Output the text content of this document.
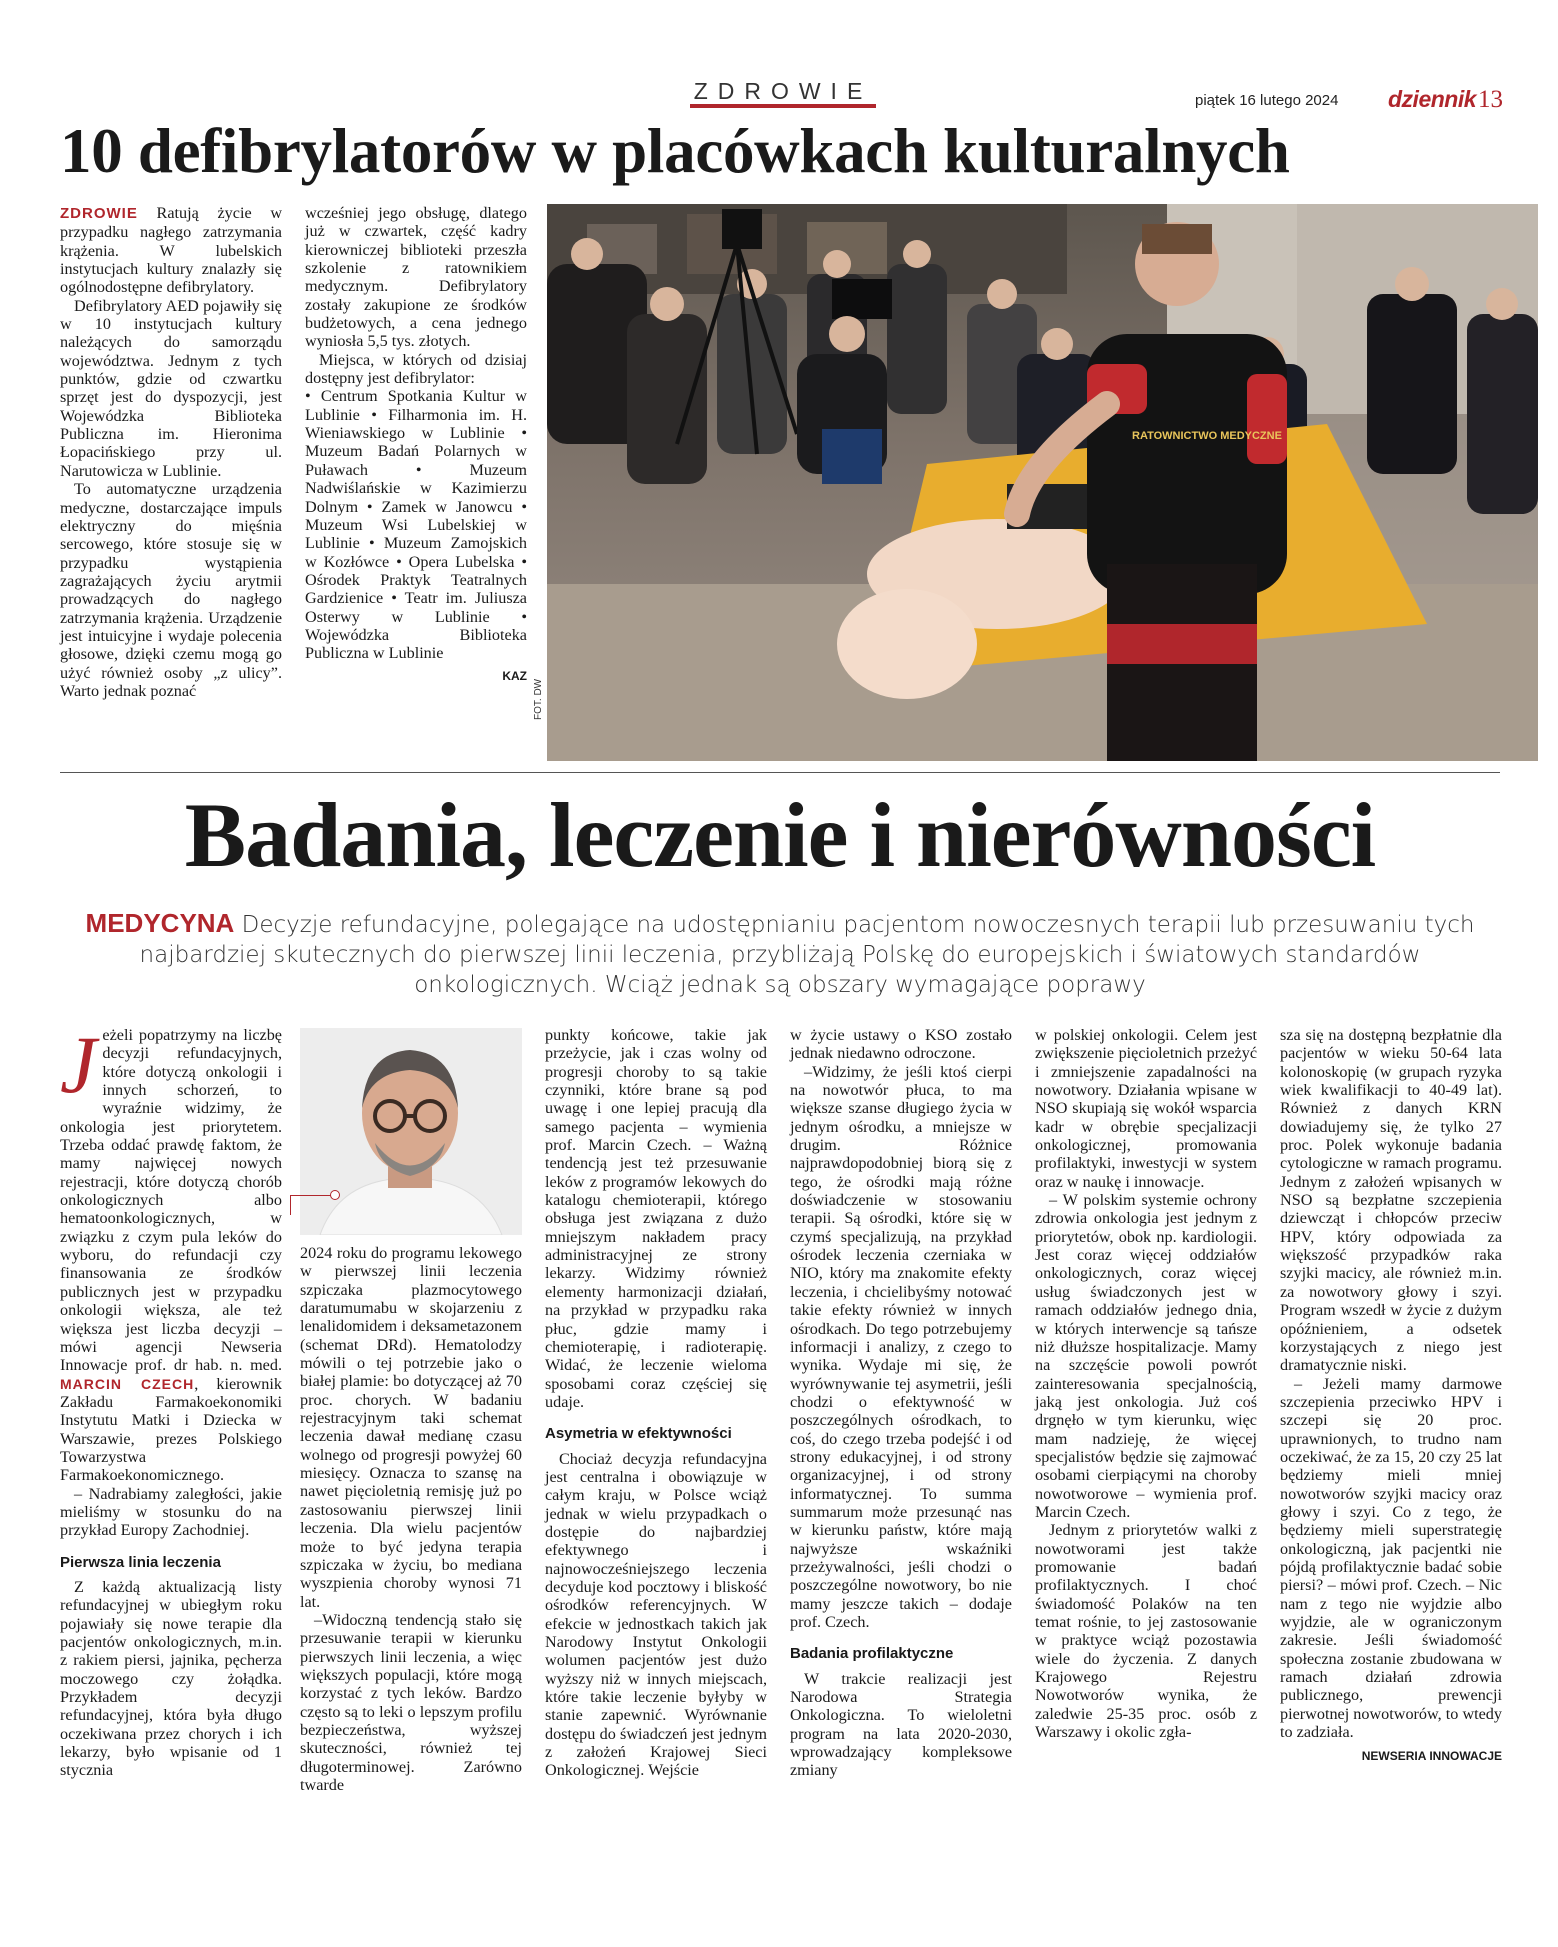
ZDROWIE	piątek 16 lutego 2024 dziennik 13
10 defibrylatorów w placówkach kulturalnych

ZDROWIE Ratują życie w przypadku nagłego zatrzymania krążenia. W lubelskich instytucjach kultury znalazły się ogólnodostępne defibrylatory.

Defibrylatory AED pojawiły się w 10 instytucjach kultury należących do samorządu województwa. Jednym z tych punktów, gdzie od czwartku sprzęt jest do dyspozycji, jest Wojewódzka Biblioteka Publiczna im. Hieronima Łopacińskiego przy ul. Narutowicza w Lublinie.

To automatyczne urządzenia medyczne, dostarczające impuls elektryczny do mięśnia sercowego, które stosuje się w przypadku wystąpienia zagrażających życiu arytmii prowadzących do nagłego zatrzymania krążenia. Urządzenie jest intuicyjne i wydaje polecenia głosowe, dzięki czemu mogą go użyć również osoby „z ulicy”. Warto jednak poznać

wcześniej jego obsługę, dlatego już w czwartek, część kadry kierowniczej biblioteki przeszła szkolenie z ratownikiem medycznym. Defibrylatory zostały zakupione ze środków budżetowych, a cena jednego wyniosła 5,5 tys. złotych.

Miejsca, w których od dzisiaj dostępny jest defibrylator:

• Centrum Spotkania Kultur w Lublinie • Filharmonia im. H. Wieniawskiego w Lublinie • Muzeum Badań Polarnych w Puławach • Muzeum Nadwiślańskie w Kazimierzu Dolnym • Zamek w Janowcu • Muzeum Wsi Lubelskiej w Lublinie • Muzeum Zamojskich w Kozłówce • Opera Lubelska • Ośrodek Praktyk Teatralnych Gardzienice • Teatr im. Juliusza Osterwy w Lublinie • Wojewódzka Biblioteka Publiczna w Lublinie

KAZ
RATOWNICTWO MEDYCZNE
FOT. DW
Badania, leczenie i nierówności
MEDYCYNA Decyzje refundacyjne, polegające na udostępnianiu pacjentom nowoczesnych terapii lub przesuwaniu tych najbardziej skutecznych do pierwszej linii leczenia, przybliżają Polskę do europejskich i światowych standardów onkologicznych. Wciąż jednak są obszary wymagające poprawy

Jeżeli popatrzymy na liczbę decyzji refundacyjnych, które dotyczą onkologii i innych schorzeń, to wyraźnie widzimy, że onkologia jest priorytetem. Trzeba oddać prawdę faktom, że mamy najwięcej nowych rejestracji, które dotyczą chorób onkologicznych albo hematoonkologicznych, w związku z czym pula leków do wyboru, do refundacji czy finansowania ze środków publicznych jest w przypadku onkologii większa, ale też większa jest liczba decyzji – mówi agencji Newseria Innowacje prof. dr hab. n. med. MARCIN CZECH, kierownik Zakładu Farmakoekonomiki Instytutu Matki i Dziecka w Warszawie, prezes Polskiego Towarzystwa Farmakoekonomicznego.

– Nadrabiamy zaległości, jakie mieliśmy w stosunku do na przykład Europy Zachodniej.

Pierwsza linia leczenia

Z każdą aktualizacją listy refundacyjnej w ubiegłym roku pojawiały się nowe terapie dla pacjentów onkologicznych, m.in. z rakiem piersi, jajnika, pęcherza moczowego czy żołądka. Przykładem decyzji refundacyjnej, która była długo oczekiwana przez chorych i ich lekarzy, było wpisanie od 1 stycznia

2024 roku do programu lekowego w pierwszej linii leczenia szpiczaka plazmocytowego daratumumabu w skojarzeniu z lenalidomidem i deksametazonem (schemat DRd). Hematolodzy mówili o tej potrzebie jako o białej plamie: bo dotyczącej aż 70 proc. chorych. W badaniu rejestracyjnym taki schemat leczenia dawał medianę czasu wolnego od progresji powyżej 60 miesięcy. Oznacza to szansę na nawet pięcioletnią remisję już po zastosowaniu pierwszej linii leczenia. Dla wielu pacjentów może to być jedyna terapia szpiczaka w życiu, bo mediana wyszpienia choroby wynosi 71 lat.

–Widoczną tendencją stało się przesuwanie terapii w kierunku pierwszych linii leczenia, a więc większych populacji, które mogą korzystać z tych leków. Bardzo często są to leki o lepszym profilu bezpieczeństwa, wyższej skuteczności, również tej długoterminowej. Zarówno twarde

punkty końcowe, takie jak przeżycie, jak i czas wolny od progresji choroby to są takie czynniki, które brane są pod uwagę i one lepiej pracują dla samego pacjenta – wymienia prof. Marcin Czech. – Ważną tendencją jest też przesuwanie leków z programów lekowych do katalogu chemioterapii, którego obsługa jest związana z dużo mniejszym nakładem pracy administracyjnej ze strony lekarzy. Widzimy również elementy harmonizacji działań, na przykład w przypadku raka płuc, gdzie mamy i chemioterapię, i radioterapię. Widać, że leczenie wieloma sposobami coraz częściej się udaje.

Asymetria w efektywności

Chociaż decyzja refundacyjna jest centralna i obowiązuje w całym kraju, w Polsce wciąż jednak w wielu przypadkach o dostępie do najbardziej efektywnego i najnowocześniejszego leczenia decyduje kod pocztowy i bliskość ośrodków referencyjnych. W efekcie w jednostkach takich jak Narodowy Instytut Onkologii wolumen pacjentów jest dużo wyższy niż w innych miejscach, które takie leczenie byłyby w stanie zapewnić. Wyrównanie dostępu do świadczeń jest jednym z założeń Krajowej Sieci Onkologicznej. Wejście

w życie ustawy o KSO zostało jednak niedawno odroczone.

–Widzimy, że jeśli ktoś cierpi na nowotwór płuca, to ma większe szanse długiego życia w jednym ośrodku, a mniejsze w drugim. Różnice najprawdopodobniej biorą się z tego, że ośrodki mają różne doświadczenie w stosowaniu terapii. Są ośrodki, które się w czymś specjalizują, na przykład ośrodek leczenia czerniaka w NIO, który ma znakomite efekty leczenia, i chcielibyśmy notować takie efekty również w innych ośrodkach. Do tego potrzebujemy informacji i analizy, z czego to wynika. Wydaje mi się, że wyrównywanie tej asymetrii, jeśli chodzi o efektywność w poszczególnych ośrodkach, to coś, do czego trzeba podejść i od strony edukacyjnej, i od strony organizacyjnej, i od strony informatycznej. To summa summarum może przesunąć nas w kierunku państw, które mają najwyższe wskaźniki przeżywalności, jeśli chodzi o poszczególne nowotwory, bo nie mamy jeszcze takich – dodaje prof. Czech.

Badania profilaktyczne

W trakcie realizacji jest Narodowa Strategia Onkologiczna. To wieloletni program na lata 2020-2030, wprowadzający kompleksowe zmiany

w polskiej onkologii. Celem jest zwiększenie pięcioletnich przeżyć i zmniejszenie zapadalności na nowotwory. Działania wpisane w NSO skupiają się wokół wsparcia kadr w obrębie specjalizacji onkologicznej, promowania profilaktyki, inwestycji w system oraz w naukę i innowacje.

– W polskim systemie ochrony zdrowia onkologia jest jednym z priorytetów, obok np. kardiologii. Jest coraz więcej oddziałów onkologicznych, coraz więcej usług świadczonych jest w ramach oddziałów jednego dnia, w których interwencje są tańsze niż dłuższe hospitalizacje. Mamy na szczęście powoli powrót zainteresowania specjalnością, jaką jest onkologia. Już coś drgnęło w tym kierunku, więc mam nadzieję, że więcej specjalistów będzie się zajmować osobami cierpiącymi na choroby nowotworowe – wymienia prof. Marcin Czech.

Jednym z priorytetów walki z nowotworami jest także promowanie badań profilaktycznych. I choć świadomość Polaków na ten temat rośnie, to jej zastosowanie w praktyce wciąż pozostawia wiele do życzenia. Z danych Krajowego Rejestru Nowotworów wynika, że zaledwie 25-35 proc. osób z Warszawy i okolic zgła-

sza się na dostępną bezpłatnie dla pacjentów w wieku 50-64 lata kolonoskopię (w grupach ryzyka wiek kwalifikacji to 40-49 lat). Również z danych KRN dowiadujemy się, że tylko 27 proc. Polek wykonuje badania cytologiczne w ramach programu. Jednym z założeń wpisanych w NSO są bezpłatne szczepienia dziewcząt i chłopców przeciw HPV, który odpowiada za większość przypadków raka szyjki macicy, ale również m.in. za nowotwory głowy i szyi. Program wszedł w życie z dużym opóźnieniem, a odsetek korzystających z niego jest dramatycznie niski.

– Jeżeli mamy darmowe szczepienia przeciwko HPV i szczepi się 20 proc. uprawnionych, to trudno nam oczekiwać, że za 15, 20 czy 25 lat będziemy mieli mniej nowotworów szyjki macicy oraz głowy i szyi. Co z tego, że będziemy mieli superstrategię onkologiczną, jak pacjentki nie pójdą profilaktycznie badać sobie piersi? – mówi prof. Czech. – Nic nam z tego nie wyjdzie albo wyjdzie, ale w ograniczonym zakresie. Jeśli świadomość społeczna zostanie zbudowana w ramach działań zdrowia publicznego, prewencji pierwotnej nowotworów, to wtedy to zadziała.

NEWSERIA INNOWACJE
